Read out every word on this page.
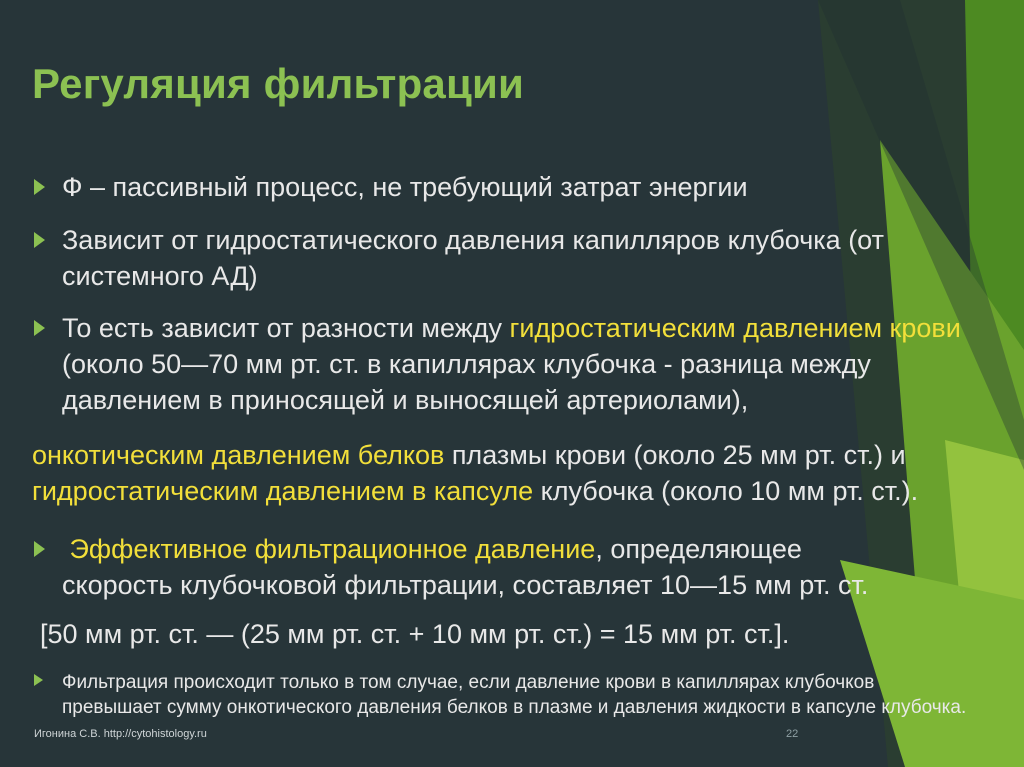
Регуляция фильтрации
Ф – пассивный процесс, не требующий затрат энергии
Зависит от гидростатического давления капилляров клубочка (от системного АД)
То есть зависит от разности между гидростатическим давлением крови (около 50—70 мм рт. ст. в капиллярах клубочка - разница между давлением в приносящей и выносящей артериолами),
онкотическим давлением белков плазмы крови (около 25 мм рт. ст.) и гидростатическим давлением в капсуле клубочка (около 10 мм рт. ст.).
Эффективное фильтрационное давление, определяющее скорость клубочковой фильтрации, составляет 10—15 мм рт. ст.
[50 мм рт. ст. — (25 мм рт. ст. + 10 мм рт. ст.) = 15 мм рт. ст.].
Фильтрация происходит только в том случае, если давление крови в капиллярах клубочков превышает сумму онкотического давления белков в плазме и давления жидкости в капсуле клубочка.
Игонина С.В. http://cytohistology.ru	22
